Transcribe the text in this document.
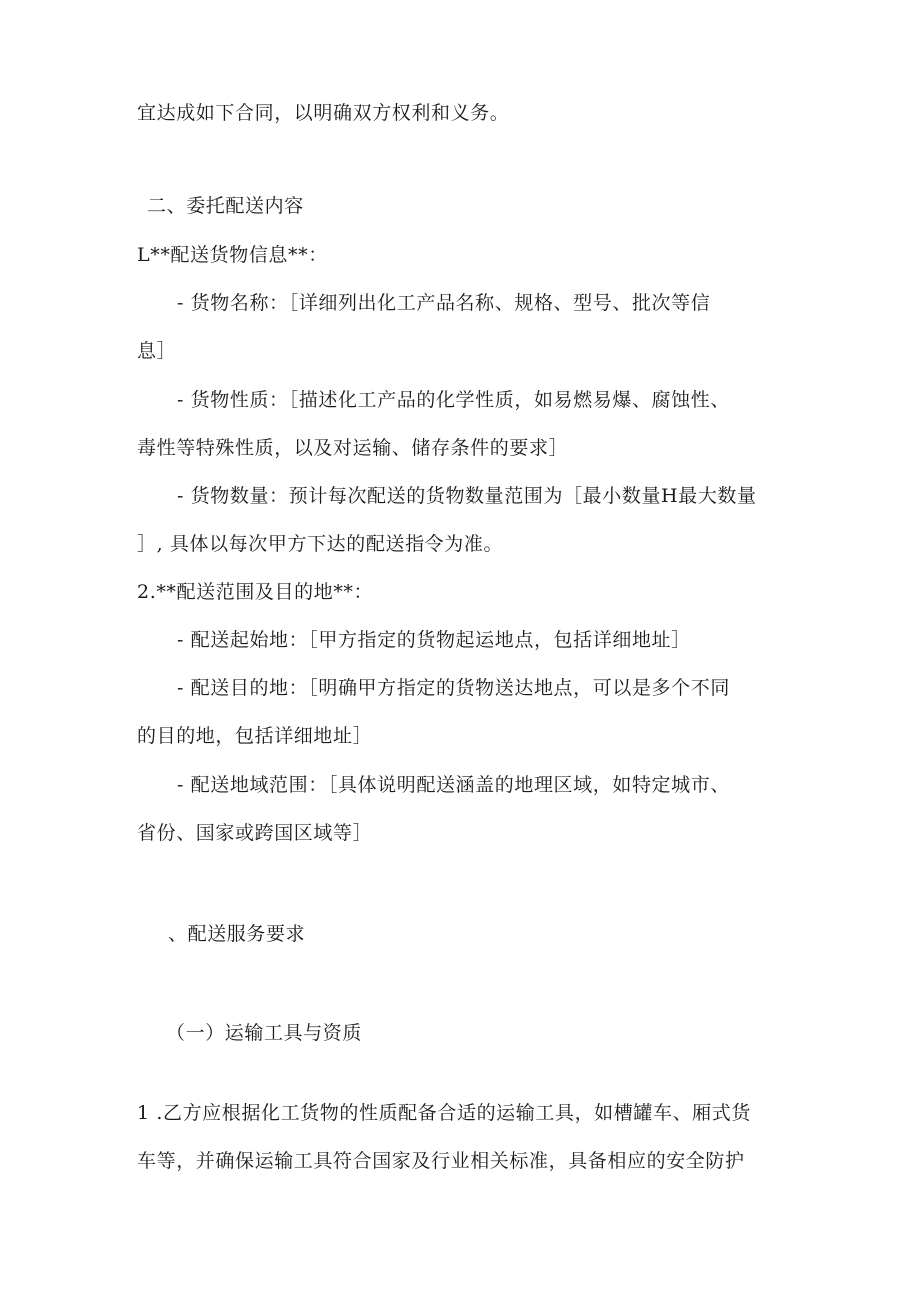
宜达成如下合同，以明确双方权利和义务。
二、委托配送内容
L**配送货物信息**：
- 货物名称：［详细列出化工产品名称、规格、型号、批次等信
息］
- 货物性质：［描述化工产品的化学性质，如易燃易爆、腐蚀性、
毒性等特殊性质，以及对运输、储存条件的要求］
- 货物数量：预计每次配送的货物数量范围为［最小数量H最大数量
］, 具体以每次甲方下达的配送指令为准。
2.**配送范围及目的地**：
- 配送起始地：［甲方指定的货物起运地点，包括详细地址］
- 配送目的地：［明确甲方指定的货物送达地点，可以是多个不同
的目的地，包括详细地址］
- 配送地域范围：［具体说明配送涵盖的地理区域，如特定城市、
省份、国家或跨国区域等］
、配送服务要求
（一）运输工具与资质
1 .乙方应根据化工货物的性质配备合适的运输工具，如槽罐车、厢式货
车等，并确保运输工具符合国家及行业相关标准，具备相应的安全防护
